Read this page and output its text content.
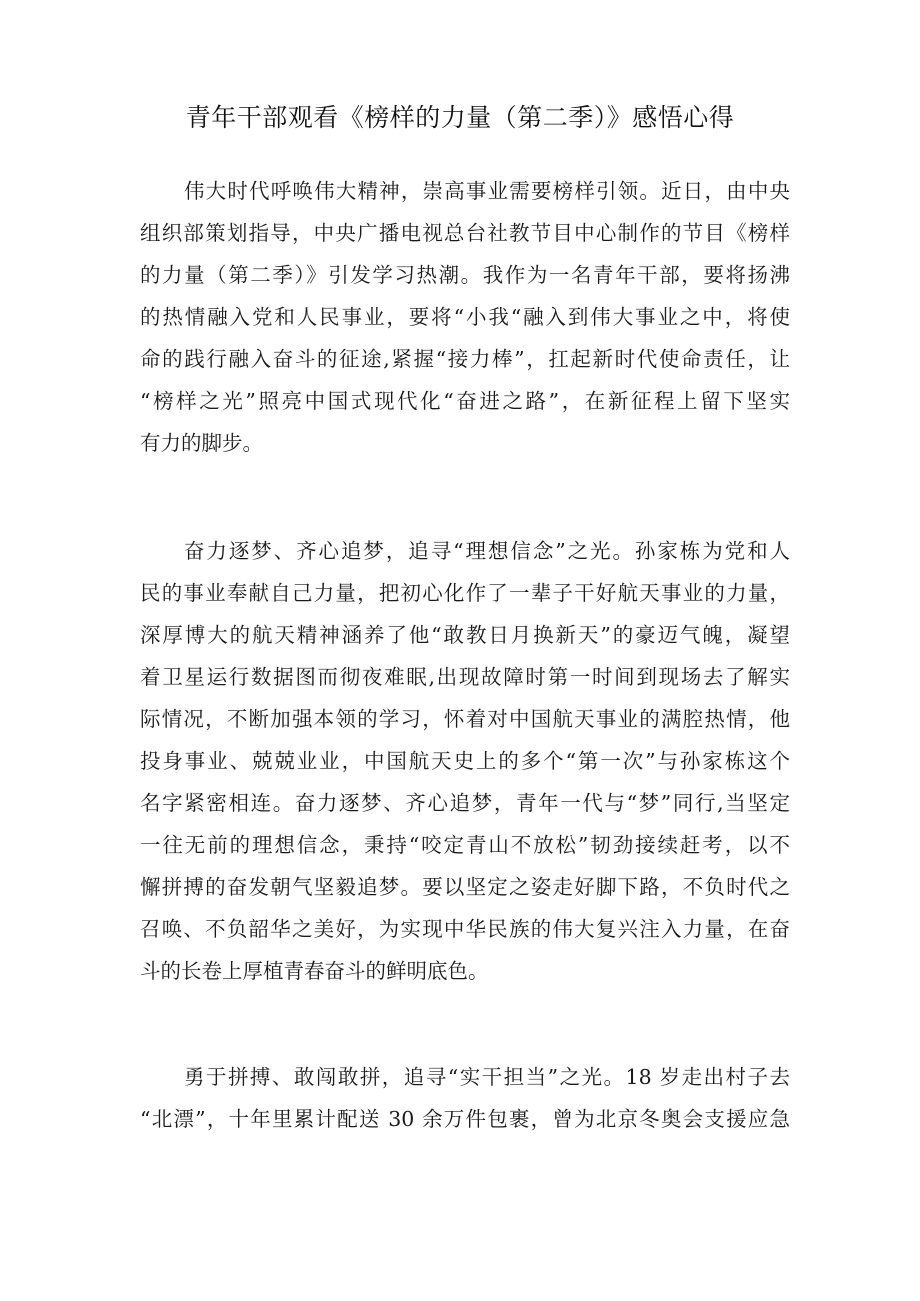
青年干部观看《榜样的力量（第二季）》感悟心得
伟大时代呼唤伟大精神，崇高事业需要榜样引领。近日，由中央
组织部策划指导，中央广播电视总台社教节目中心制作的节目《榜样
的力量（第二季）》引发学习热潮。我作为一名青年干部，要将扬沸
的热情融入党和人民事业，要将“小我“融入到伟大事业之中，将使
命的践行融入奋斗的征途,紧握“接力棒”，扛起新时代使命责任，让
“榜样之光”照亮中国式现代化“奋进之路”，在新征程上留下坚实
有力的脚步。
奋力逐梦、齐心追梦，追寻“理想信念”之光。孙家栋为党和人
民的事业奉献自己力量，把初心化作了一辈子干好航天事业的力量，
深厚博大的航天精神涵养了他“敢教日月换新天”的豪迈气魄，凝望
着卫星运行数据图而彻夜难眠,出现故障时第一时间到现场去了解实
际情况，不断加强本领的学习，怀着对中国航天事业的满腔热情，他
投身事业、兢兢业业，中国航天史上的多个“第一次”与孙家栋这个
名字紧密相连。奋力逐梦、齐心追梦，青年一代与“梦”同行,当坚定
一往无前的理想信念，秉持“咬定青山不放松”韧劲接续赶考，以不
懈拼搏的奋发朝气坚毅追梦。要以坚定之姿走好脚下路，不负时代之
召唤、不负韶华之美好，为实现中华民族的伟大复兴注入力量，在奋
斗的长卷上厚植青春奋斗的鲜明底色。
勇于拼搏、敢闯敢拼，追寻“实干担当”之光。18 岁走出村子去
“北漂”，十年里累计配送 30 余万件包裹，曾为北京冬奥会支援应急
